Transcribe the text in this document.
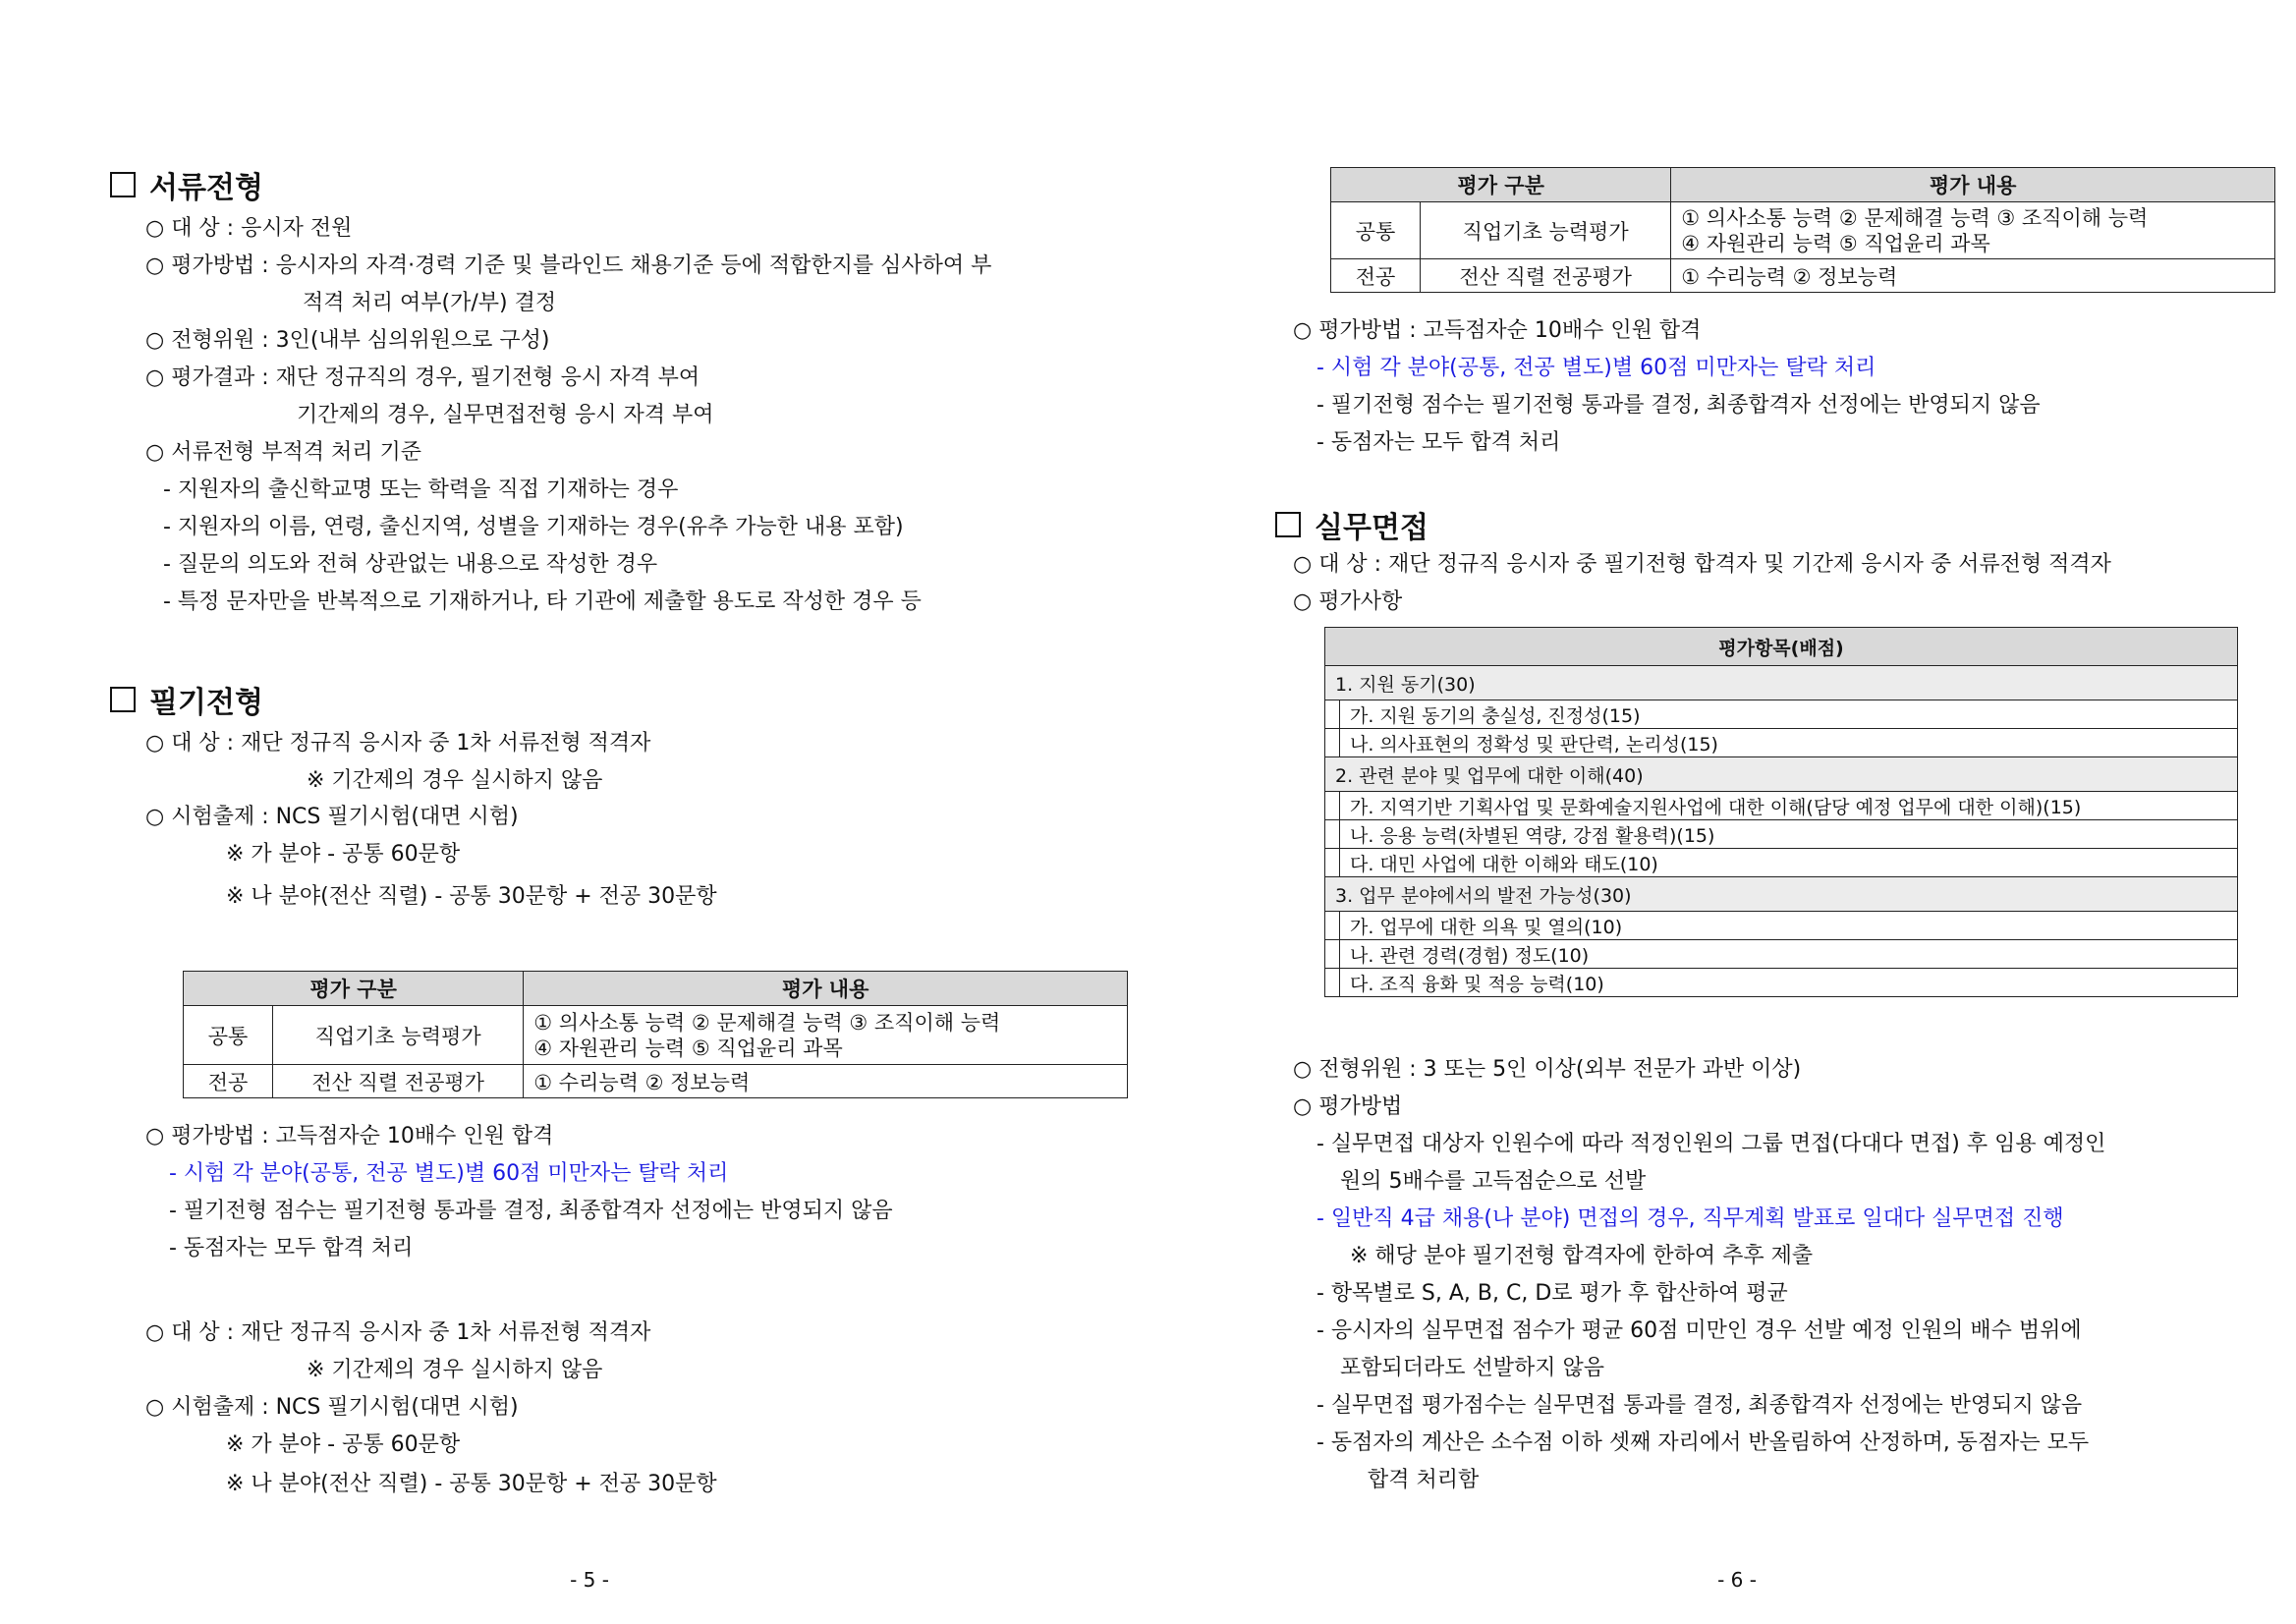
서류전형
○ 대 상 : 응시자 전원
○ 평가방법 : 응시자의 자격·경력 기준 및 블라인드 채용기준 등에 적합한지를 심사하여 부
적격 처리 여부(가/부) 결정
○ 전형위원 : 3인(내부 심의위원으로 구성)
○ 평가결과 : 재단 정규직의 경우, 필기전형 응시 자격 부여
기간제의 경우, 실무면접전형 응시 자격 부여
○ 서류전형 부적격 처리 기준
- 지원자의 출신학교명 또는 학력을 직접 기재하는 경우
- 지원자의 이름, 연령, 출신지역, 성별을 기재하는 경우(유추 가능한 내용 포함)
- 질문의 의도와 전혀 상관없는 내용으로 작성한 경우
- 특정 문자만을 반복적으로 기재하거나, 타 기관에 제출할 용도로 작성한 경우 등
필기전형
○ 대 상 : 재단 정규직 응시자 중 1차 서류전형 적격자
※ 기간제의 경우 실시하지 않음
○ 시험출제 : NCS 필기시험(대면 시험)
※ 가 분야 - 공통 60문항
※ 나 분야(전산 직렬) - 공통 30문항 + 전공 30문항
평가 구분		평가 내용
공통	직업기초 능력평가	① 의사소통 능력 ② 문제해결 능력 ③ 조직이해 능력
④ 자원관리 능력 ⑤ 직업윤리 과목

전공	전산 직렬 전공평가	① 수리능력 ② 정보능력
○ 평가방법 : 고득점자순 10배수 인원 합격
- 시험 각 분야(공통, 전공 별도)별 60점 미만자는 탈락 처리
- 필기전형 점수는 필기전형 통과를 결정, 최종합격자 선정에는 반영되지 않음
- 동점자는 모두 합격 처리
○ 대 상 : 재단 정규직 응시자 중 1차 서류전형 적격자
※ 기간제의 경우 실시하지 않음
○ 시험출제 : NCS 필기시험(대면 시험)
※ 가 분야 - 공통 60문항
※ 나 분야(전산 직렬) - 공통 30문항 + 전공 30문항
- 5 -
평가 구분		평가 내용
공통	직업기초 능력평가	① 의사소통 능력 ② 문제해결 능력 ③ 조직이해 능력
④ 자원관리 능력 ⑤ 직업윤리 과목

전공	전산 직렬 전공평가	① 수리능력 ② 정보능력
○ 평가방법 : 고득점자순 10배수 인원 합격
- 시험 각 분야(공통, 전공 별도)별 60점 미만자는 탈락 처리
- 필기전형 점수는 필기전형 통과를 결정, 최종합격자 선정에는 반영되지 않음
- 동점자는 모두 합격 처리
실무면접
○ 대 상 : 재단 정규직 응시자 중 필기전형 합격자 및 기간제 응시자 중 서류전형 적격자
○ 평가사항
평가항목(배점)	
1. 지원 동기(30)	
	가. 지원 동기의 충실성, 진정성(15)
	나. 의사표현의 정확성 및 판단력, 논리성(15)
2. 관련 분야 및 업무에 대한 이해(40)	
	가. 지역기반 기획사업 및 문화예술지원사업에 대한 이해(담당 예정 업무에 대한 이해)(15)
	나. 응용 능력(차별된 역량, 강점 활용력)(15)
	다. 대민 사업에 대한 이해와 태도(10)
3. 업무 분야에서의 발전 가능성(30)	
	가. 업무에 대한 의욕 및 열의(10)
	나. 관련 경력(경험) 정도(10)
	다. 조직 융화 및 적응 능력(10)
○ 전형위원 : 3 또는 5인 이상(외부 전문가 과반 이상)
○ 평가방법
- 실무면접 대상자 인원수에 따라 적정인원의 그룹 면접(다대다 면접) 후 임용 예정인
원의 5배수를 고득점순으로 선발
- 일반직 4급 채용(나 분야) 면접의 경우, 직무계획 발표로 일대다 실무면접 진행
※ 해당 분야 필기전형 합격자에 한하여 추후 제출
- 항목별로 S, A, B, C, D로 평가 후 합산하여 평균
- 응시자의 실무면접 점수가 평균 60점 미만인 경우 선발 예정 인원의 배수 범위에
포함되더라도 선발하지 않음
- 실무면접 평가점수는 실무면접 통과를 결정, 최종합격자 선정에는 반영되지 않음
- 동점자의 계산은 소수점 이하 셋째 자리에서 반올림하여 산정하며, 동점자는 모두
합격 처리함
- 6 -
